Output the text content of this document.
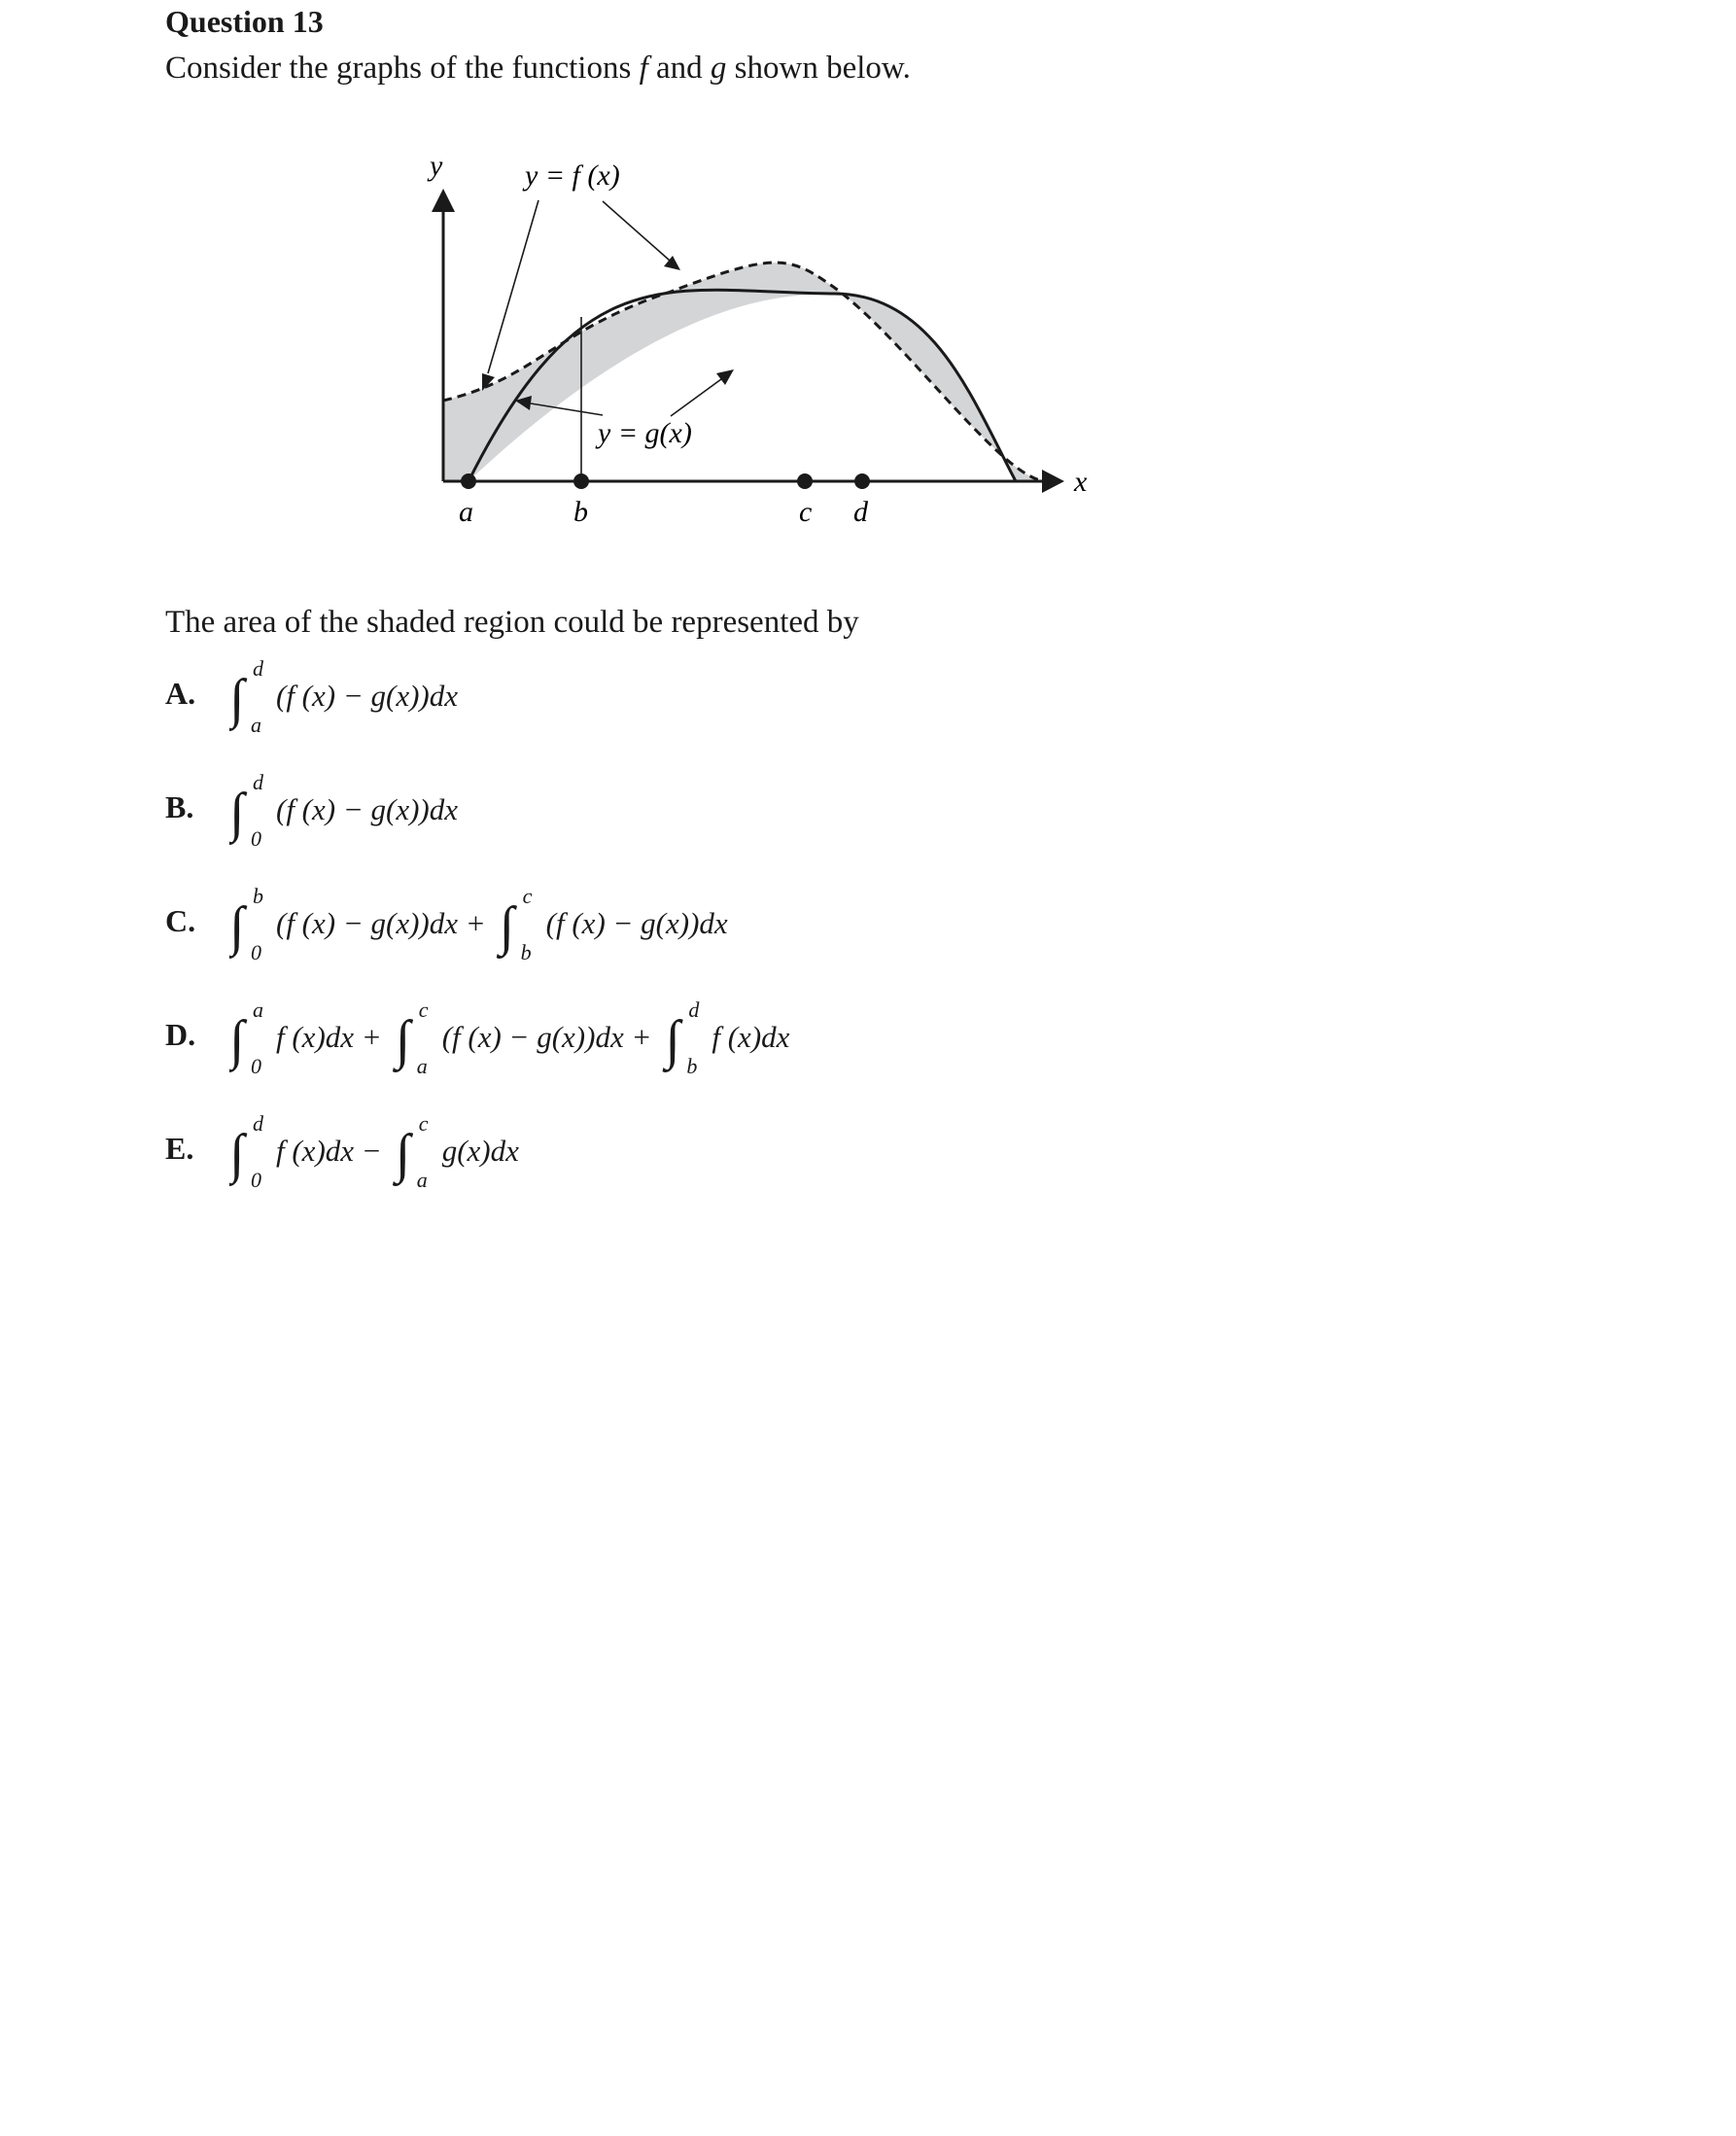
Question 13
Consider the graphs of the functions f and g shown below.
y
x
y = f (x)
y = g(x)
a	b	c d
The area of the shaded region could be represented by
A. ∫
d
a
(f (x) − g(x))dx
B. ∫
d
0
(f (x) − g(x))dx
C. ∫
b
0
(f (x) − g(x))dx + ∫
c
b
(f (x) − g(x))dx
D. ∫
a
0
f (x)dx + ∫
c
a
(f (x) − g(x))dx + ∫
d
b
f (x)dx
E. ∫
d
0
f (x)dx − ∫
c
a
g(x)dx
